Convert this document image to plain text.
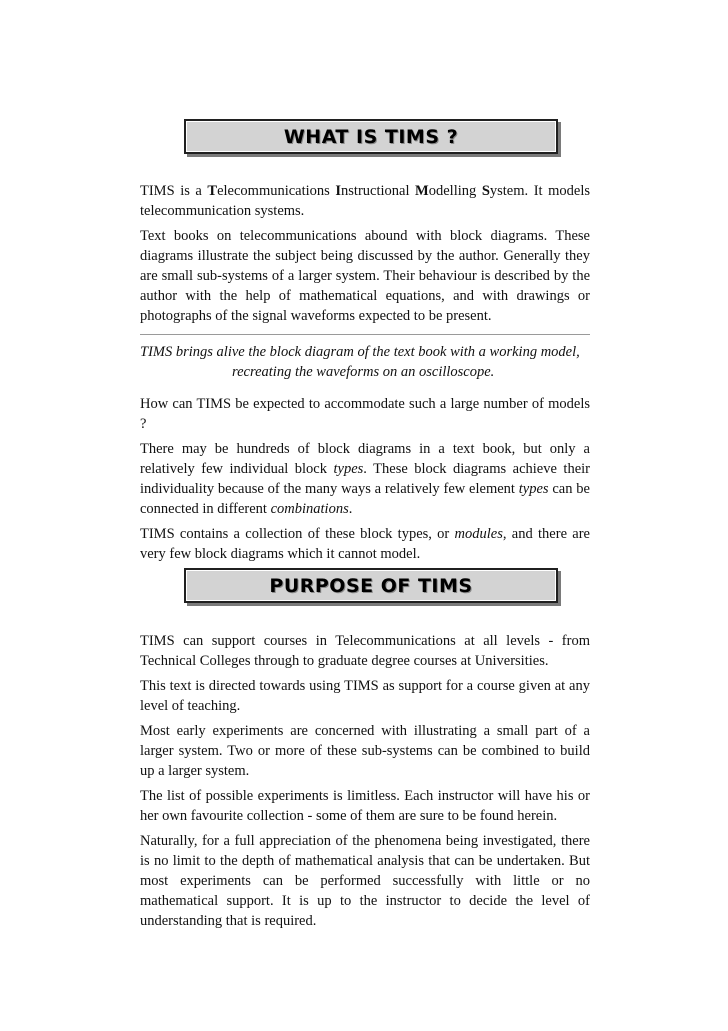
WHAT IS TIMS ?

TIMS is a Telecommunications Instructional Modelling System. It models telecommunication systems.

Text books on telecommunications abound with block diagrams. These diagrams illustrate the subject being discussed by the author. Generally they are small sub-systems of a larger system. Their behaviour is described by the author with the help of mathematical equations, and with drawings or photographs of the signal waveforms expected to be present.

TIMS brings alive the block diagram of the text book with a working model,
recreating the waveforms on an oscilloscope.

How can TIMS be expected to accommodate such a large number of models ?

There may be hundreds of block diagrams in a text book, but only a relatively few individual block types. These block diagrams achieve their individuality because of the many ways a relatively few element types can be connected in different combinations.

TIMS contains a collection of these block types, or modules, and there are very few block diagrams which it cannot model.

PURPOSE OF TIMS

TIMS can support courses in Telecommunications at all levels - from Technical Colleges through to graduate degree courses at Universities.

This text is directed towards using TIMS as support for a course given at any level of teaching.

Most early experiments are concerned with illustrating a small part of a larger system. Two or more of these sub-systems can be combined to build up a larger system.

The list of possible experiments is limitless. Each instructor will have his or her own favourite collection - some of them are sure to be found herein.

Naturally, for a full appreciation of the phenomena being investigated, there is no limit to the depth of mathematical analysis that can be undertaken. But most experiments can be performed successfully with little or no mathematical support. It is up to the instructor to decide the level of understanding that is required.
